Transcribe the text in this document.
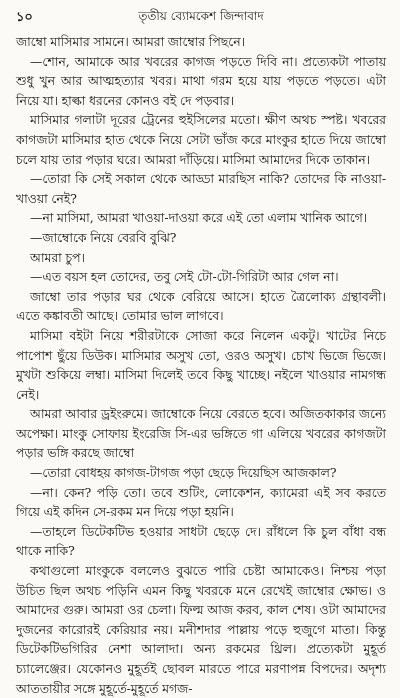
১০	তৃতীয় ব্যোমকেশ জিন্দাবাদ

জাম্বো মাসিমার সামনে। আমরা জাম্বোর পিছনে।

—শোন, আমাকে আর খবরের কাগজ পড়তে দিবি না। প্রত্যেকটা পাতায় শুধু খুন আর আত্মহত্যার খবর। মাথা গরম হয়ে যায় পড়তে পড়তে। এটা নিয়ে যা। হাল্কা ধরনের কোনও বই দে পড়বার।

মাসিমার গলাটা দূরের ট্রেনের হুইসিলের মতো। ক্ষীণ অথচ স্পষ্ট। খবরের কাগজটা মাসিমার হাত থেকে নিয়ে সেটা ভাঁজ করে মাংকুর হাতে দিয়ে জাম্বো চলে যায় তার পড়ার ঘরে। আমরা দাঁড়িয়ে। মাসিমা আমাদের দিকে তাকান।

—তোরা কি সেই সকাল থেকে আড্ডা মারছিস নাকি? তোদের কি নাওয়া-খাওয়া নেই?

—না মাসিমা, আমরা খাওয়া-দাওয়া করে এই তো এলাম খানিক আগে।

—জাম্বোকে নিয়ে বেরবি বুঝি?

আমরা চুপ।

—এত বয়স হল তোদের, তবু সেই টো-টো-গিরিটা আর গেল না।

জাম্বো তার পড়ার ঘর থেকে বেরিয়ে আসে। হাতে ত্রৈলোক্য গ্রন্থাবলী। এতে কঙ্কাবতী আছে। তোমার ভাল লাগবে।

মাসিমা বইটা নিয়ে শরীরটাকে সোজা করে নিলেন একটু। খাটের নিচে পাপোশ ছুঁয়ে ডিউক। মাসিমার অসুখ তো, ওরও অসুখ। চোখ ভিজে ভিজে। মুখটা শুকিয়ে লম্বা। মাসিমা দিলেই তবে কিছু খাচ্ছে। নইলে খাওয়ার নামগন্ধ নেই।

আমরা আবার ড্রইংরুমে। জাম্বোকে নিয়ে বেরতে হবে। অজিতকাকার জন্যে অপেক্ষা। মাংকু সোফায় ইংরেজি সি-এর ভঙ্গিতে গা এলিয়ে খবরের কাগজটা পড়ার ভঙ্গি করছে জাম্বো

—তোরা বোধহয় কাগজ-টাগজ পড়া ছেড়ে দিয়েছিস আজকাল?

—না। কেন? পড়ি তো। তবে শুটিং, লোকেশন, ক্যামেরা এই সব করতে গিয়ে এই কদিন সে-রকম মন দিয়ে পড়া হয়নি।

—তাহলে ডিটেকটিভ হওয়ার সাধটা ছেড়ে দে। রাঁধলে কি চুল বাঁধা বন্ধ থাকে নাকি?

কথাগুলো মাংকুকে বললেও বুঝতে পারি চেষ্টা আমাকেও। নিশ্চয় পড়া উচিত ছিল অথচ পড়িনি এমন কিছু খবরকে মনে রেখেই জাম্বোর ক্ষোভ। ও আমাদের গুরু। আমরা ওর চেলা। ফিল্ম আজ করব, কাল শেষ। ওটা আমাদের দুজনের কারোরই কেরিয়ার নয়। মনীশদার পাল্লায় পড়ে হুজুগে মাতা। কিন্তু ডিটেকটিভগিরির নেশা আলাদা। অন্য রকমের থ্রিল। প্রত্যেকটা মুহূর্ত চ্যালেঞ্জের। যেকোনও মুহূর্তই ছোবল মারতে পারে মরণাপন্ন বিপদের। অদৃশ্য আততায়ীর সঙ্গে মুহূর্তে-মুহূর্তে মগজ-
